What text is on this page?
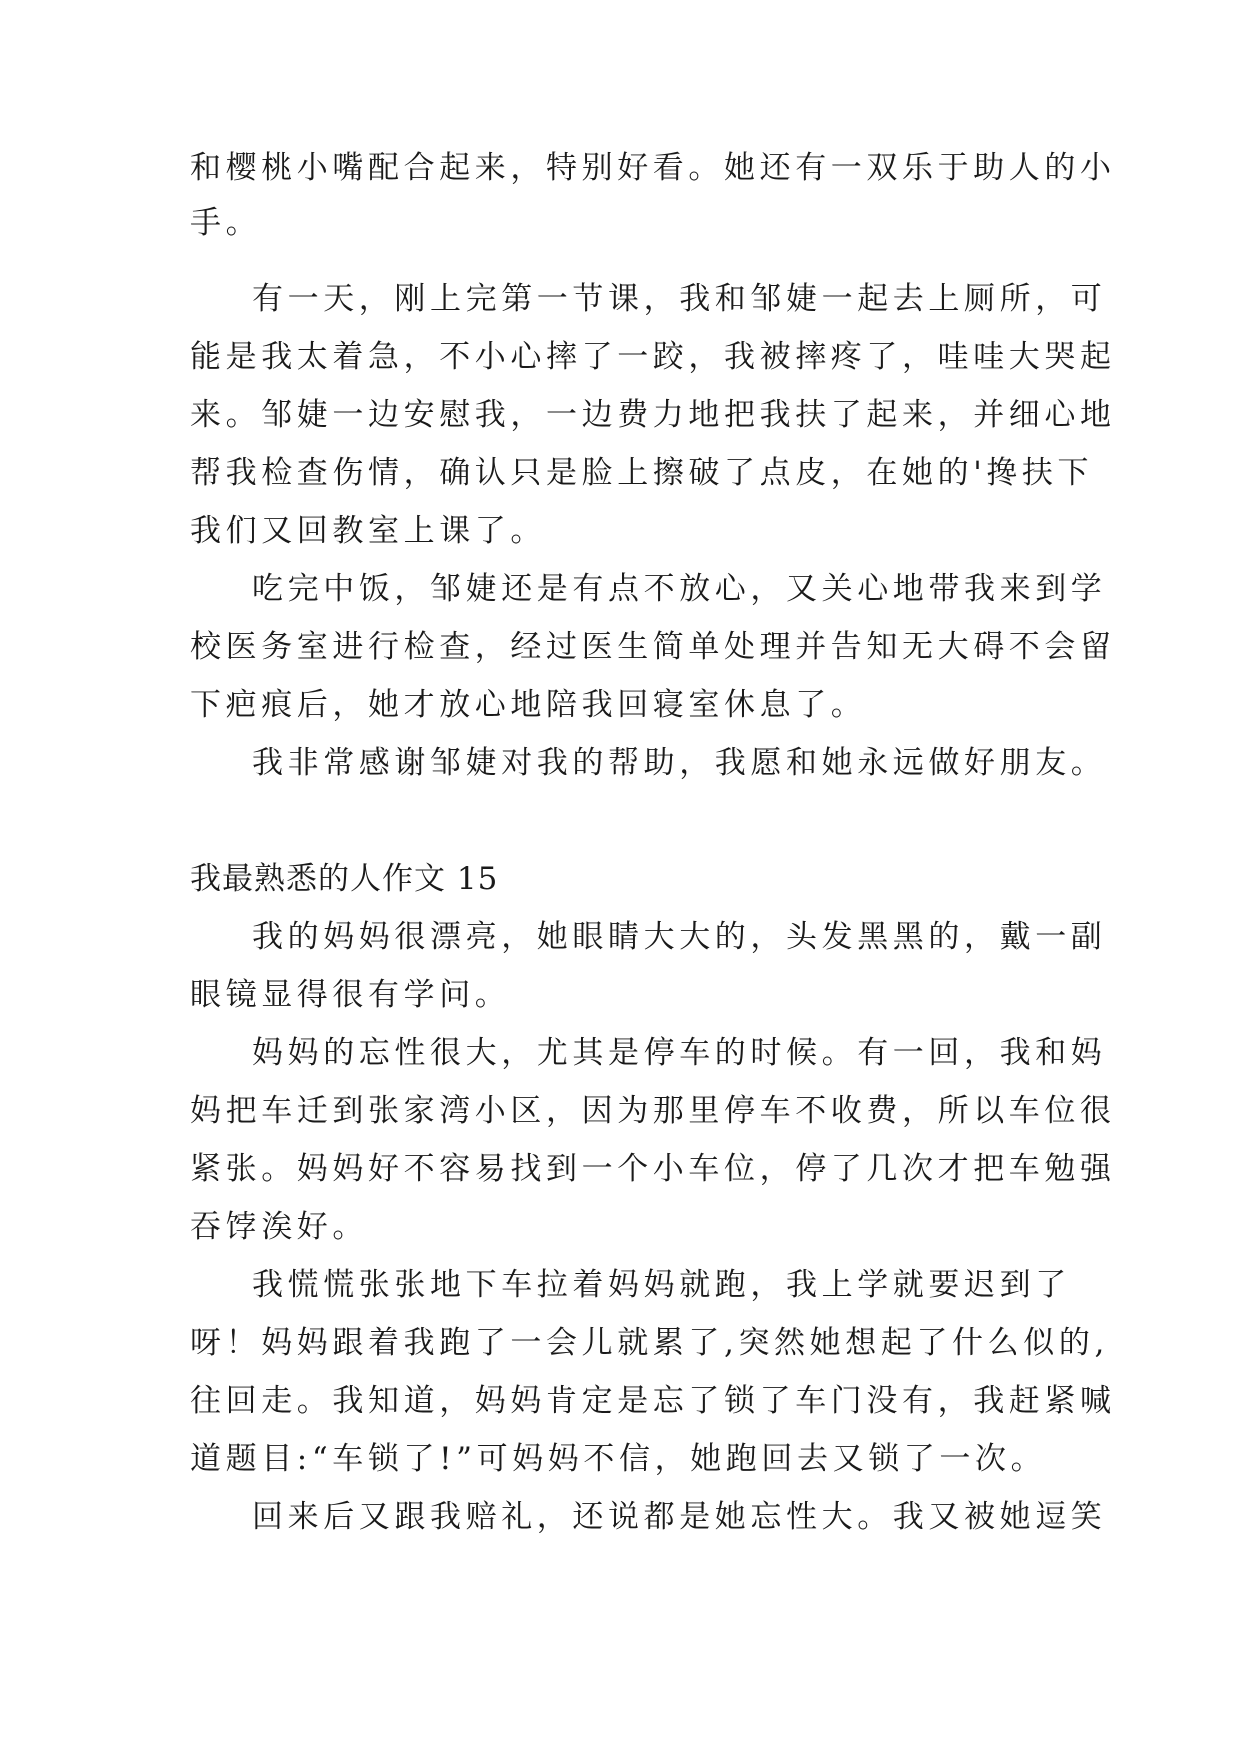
和樱桃小嘴配合起来，特别好看。她还有一双乐于助人的小
手。
有一天，刚上完第一节课，我和邹婕一起去上厕所，可
能是我太着急，不小心摔了一跤，我被摔疼了，哇哇大哭起
来。邹婕一边安慰我，一边费力地把我扶了起来，并细心地
帮我检查伤情，确认只是脸上擦破了点皮，在她的'搀扶下
我们又回教室上课了。
吃完中饭，邹婕还是有点不放心，又关心地带我来到学
校医务室进行检查，经过医生简单处理并告知无大碍不会留
下疤痕后，她才放心地陪我回寝室休息了。
我非常感谢邹婕对我的帮助，我愿和她永远做好朋友。
我最熟悉的人作文 15
我的妈妈很漂亮，她眼睛大大的，头发黑黑的，戴一副
眼镜显得很有学问。
妈妈的忘性很大，尤其是停车的时候。有一回，我和妈
妈把车迁到张家湾小区，因为那里停车不收费，所以车位很
紧张。妈妈好不容易找到一个小车位，停了几次才把车勉强
吞饽涘好。
我慌慌张张地下车拉着妈妈就跑，我上学就要迟到了
呀！妈妈跟着我跑了一会儿就累了,突然她想起了什么似的,
往回走。我知道，妈妈肯定是忘了锁了车门没有，我赶紧喊
道题目:“车锁了!”可妈妈不信，她跑回去又锁了一次。
回来后又跟我赔礼，还说都是她忘性大。我又被她逗笑
